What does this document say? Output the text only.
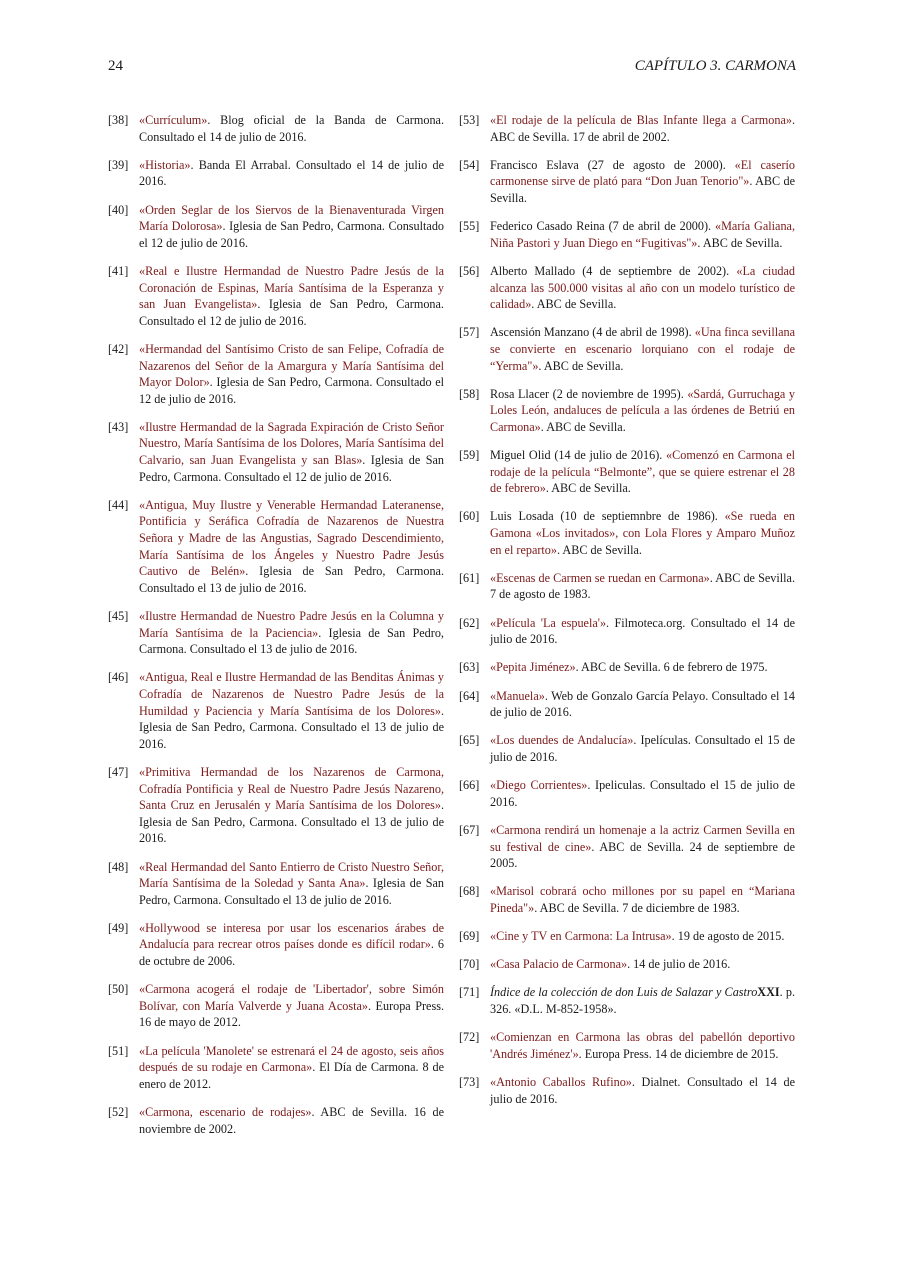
24	CAPÍTULO 3. CARMONA
[38] «Currículum». Blog oficial de la Banda de Carmona. Consultado el 14 de julio de 2016.
[39] «Historia». Banda El Arrabal. Consultado el 14 de julio de 2016.
[40] «Orden Seglar de los Siervos de la Bienaventurada Virgen María Dolorosa». Iglesia de San Pedro, Carmona. Consultado el 12 de julio de 2016.
[41] «Real e Ilustre Hermandad de Nuestro Padre Jesús de la Coronación de Espinas, María Santísima de la Esperanza y san Juan Evangelista». Iglesia de San Pedro, Carmona. Consultado el 12 de julio de 2016.
[42] «Hermandad del Santísimo Cristo de san Felipe, Cofradía de Nazarenos del Señor de la Amargura y María Santísima del Mayor Dolor». Iglesia de San Pedro, Carmona. Consultado el 12 de julio de 2016.
[43] «Ilustre Hermandad de la Sagrada Expiración de Cristo Señor Nuestro, María Santísima de los Dolores, María Santísima del Calvario, san Juan Evangelista y san Blas». Iglesia de San Pedro, Carmona. Consultado el 12 de julio de 2016.
[44] «Antigua, Muy Ilustre y Venerable Hermandad Lateranense, Pontificia y Seráfica Cofradía de Nazarenos de Nuestra Señora y Madre de las Angustias, Sagrado Descendimiento, María Santísima de los Ángeles y Nuestro Padre Jesús Cautivo de Belén». Iglesia de San Pedro, Carmona. Consultado el 13 de julio de 2016.
[45] «Ilustre Hermandad de Nuestro Padre Jesús en la Columna y María Santísima de la Paciencia». Iglesia de San Pedro, Carmona. Consultado el 13 de julio de 2016.
[46] «Antigua, Real e Ilustre Hermandad de las Benditas Ánimas y Cofradía de Nazarenos de Nuestro Padre Jesús de la Humildad y Paciencia y María Santísima de los Dolores». Iglesia de San Pedro, Carmona. Consultado el 13 de julio de 2016.
[47] «Primitiva Hermandad de los Nazarenos de Carmona, Cofradía Pontificia y Real de Nuestro Padre Jesús Nazareno, Santa Cruz en Jerusalén y María Santísima de los Dolores». Iglesia de San Pedro, Carmona. Consultado el 13 de julio de 2016.
[48] «Real Hermandad del Santo Entierro de Cristo Nuestro Señor, María Santísima de la Soledad y Santa Ana». Iglesia de San Pedro, Carmona. Consultado el 13 de julio de 2016.
[49] «Hollywood se interesa por usar los escenarios árabes de Andalucía para recrear otros países donde es difícil rodar». 6 de octubre de 2006.
[50] «Carmona acogerá el rodaje de 'Libertador', sobre Simón Bolívar, con María Valverde y Juana Acosta». Europa Press. 16 de mayo de 2012.
[51] «La película 'Manolete' se estrenará el 24 de agosto, seis años después de su rodaje en Carmona». El Día de Carmona. 8 de enero de 2012.
[52] «Carmona, escenario de rodajes». ABC de Sevilla. 16 de noviembre de 2002.
[53] «El rodaje de la película de Blas Infante llega a Carmona». ABC de Sevilla. 17 de abril de 2002.
[54] Francisco Eslava (27 de agosto de 2000). «El caserío carmonense sirve de plató para “Don Juan Tenorio"». ABC de Sevilla.
[55] Federico Casado Reina (7 de abril de 2000). «María Galiana, Niña Pastori y Juan Diego en “Fugitivas"». ABC de Sevilla.
[56] Alberto Mallado (4 de septiembre de 2002). «La ciudad alcanza las 500.000 visitas al año con un modelo turístico de calidad». ABC de Sevilla.
[57] Ascensión Manzano (4 de abril de 1998). «Una finca sevillana se convierte en escenario lorquiano con el rodaje de “Yerma"». ABC de Sevilla.
[58] Rosa Llacer (2 de noviembre de 1995). «Sardá, Gurruchaga y Loles León, andaluces de película a las órdenes de Betriú en Carmona». ABC de Sevilla.
[59] Miguel Olid (14 de julio de 2016). «Comenzó en Carmona el rodaje de la película “Belmonte”, que se quiere estrenar el 28 de febrero». ABC de Sevilla.
[60] Luis Losada (10 de septiemnbre de 1986). «Se rueda en Gamona «Los invitados», con Lola Flores y Amparo Muñoz en el reparto». ABC de Sevilla.
[61] «Escenas de Carmen se ruedan en Carmona». ABC de Sevilla. 7 de agosto de 1983.
[62] «Película 'La espuela'». Filmoteca.org. Consultado el 14 de julio de 2016.
[63] «Pepita Jiménez». ABC de Sevilla. 6 de febrero de 1975.
[64] «Manuela». Web de Gonzalo García Pelayo. Consultado el 14 de julio de 2016.
[65] «Los duendes de Andalucía». Ipelículas. Consultado el 15 de julio de 2016.
[66] «Diego Corrientes». Ipeliculas. Consultado el 15 de julio de 2016.
[67] «Carmona rendirá un homenaje a la actriz Carmen Sevilla en su festival de cine». ABC de Sevilla. 24 de septiembre de 2005.
[68] «Marisol cobrará ocho millones por su papel en “Mariana Pineda"». ABC de Sevilla. 7 de diciembre de 1983.
[69] «Cine y TV en Carmona: La Intrusa». 19 de agosto de 2015.
[70] «Casa Palacio de Carmona». 14 de julio de 2016.
[71] Índice de la colección de don Luis de Salazar y CastroXXI. p. 326. «D.L. M-852-1958».
[72] «Comienzan en Carmona las obras del pabellón deportivo 'Andrés Jiménez'». Europa Press. 14 de diciembre de 2015.
[73] «Antonio Caballos Rufino». Dialnet. Consultado el 14 de julio de 2016.
